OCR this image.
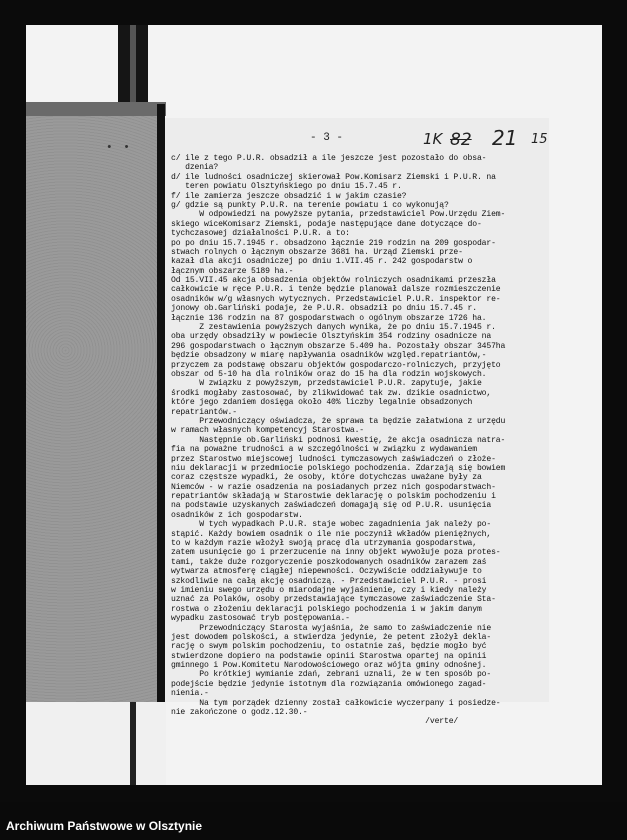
• •
- 3 -	1K 82 21 15
c/ ile z tego P.U.R. obsadził a ile jeszcze jest pozostało do obsa-
dzenia?
d/ ile ludności osadniczej skierował Pow.Komisarz Ziemski i P.U.R. na
teren powiatu Olsztyńskiego po dniu 15.7.45 r.
f/ ile zamierza jeszcze obsadzić i w jakim czasie?
g/ gdzie są punkty P.U.R. na terenie powiatu i co wykonują?
W odpowiedzi na powyższe pytania, przedstawiciel Pow.Urzędu Ziem-
skiego wiceKomisarz Ziemski, podaje następujące dane dotyczące do-
tychczasowej działalności P.U.R. a to:
po po dniu 15.7.1945 r. obsadzono łącznie 219 rodzin na 209 gospodar-
stwach rolnych o łącznym obszarze 3681 ha. Urząd Ziemski prze-
kazał dla akcji osadniczej po dniu 1.VII.45 r. 242 gospodarstw o
łącznym obszarze 5189 ha.-
Od 15.VII.45 akcja obsadzenia objektów rolniczych osadnikami przeszła
całkowicie w ręce P.U.R. i tenże będzie planował dalsze rozmieszczenie
osadników w/g własnych wytycznych. Przedstawiciel P.U.R. inspektor re-
jonowy ob.Garliński podaje, że P.U.R. obsadził po dniu 15.7.45 r.
łącznie 136 rodzin na 87 gospodarstwach o ogólnym obszarze 1726 ha.
Z zestawienia powyższych danych wynika, że po dniu 15.7.1945 r.
oba urzędy obsadziły w powiecie Olsztyńskim 354 rodziny osadnicze na
296 gospodarstwach o łącznym obszarze 5.409 ha. Pozostały obszar 3457ha
będzie obsadzony w miarę napływania osadników względ.repatriantów,-
przyczem za podstawę obszaru objektów gospodarczo-rolniczych, przyjęto
obszar od 5-10 ha dla rolników oraz do 15 ha dla rodzin wojskowych.
W związku z powyższym, przedstawiciel P.U.R. zapytuje, jakie
środki mogłaby zastosować, by zlikwidować tak zw. dzikie osadnictwo,
które jego zdaniem dosięga około 40% liczby legalnie obsadzonych
repatriantów.-
Przewodniczący oświadcza, że sprawa ta będzie załatwiona z urzędu
w ramach własnych kompetencyj Starostwa.-
Następnie ob.Garliński podnosi kwestię, że akcja osadnicza natra-
fia na poważne trudności a w szczególności w związku z wydawaniem
przez Starostwo miejscowej ludności tymczasowych zaświadczeń o złoże-
niu deklaracji w przedmiocie polskiego pochodzenia. Zdarzają się bowiem
coraz częstsze wypadki, że osoby, które dotychczas uważane były za
Niemców - w razie osadzenia na posiadanych przez nich gospodarstwach-
repatriantów składają w Starostwie deklarację o polskim pochodzeniu i
na podstawie uzyskanych zaświadczeń domagają się od P.U.R. usunięcia
osadników z ich gospodarstw.
W tych wypadkach P.U.R. staje wobec zagadnienia jak należy po-
stąpić. Każdy bowiem osadnik o ile nie poczynił wkładów pieniężnych,
to w każdym razie włożył swoją pracę dla utrzymania gospodarstwa,
zatem usunięcie go i przerzucenie na inny objekt wywołuje poza protes-
tami, także duże rozgoryczenie poszkodowanych osadników zarazem zaś
wytwarza atmosferę ciągłej niepewności. Oczywiście oddziaływuje to
szkodliwie na całą akcję osadniczą. - Przedstawiciel P.U.R. - prosi
w imieniu swego urzędu o miarodajne wyjaśnienie, czy i kiedy należy
uznać za Polaków, osoby przedstawiające tymczasowe zaświadczenie Sta-
rostwa o złożeniu deklaracji polskiego pochodzenia i w jakim danym
wypadku zastosować tryb postępowania.-
Przewodniczący Starosta wyjaśnia, że samo to zaświadczenie nie
jest dowodem polskości, a stwierdza jedynie, że petent złożył dekla-
rację o swym polskim pochodzeniu, to ostatnie zaś, będzie mogło być
stwierdzone dopiero na podstawie opinii Starostwa opartej na opinii
gminnego i Pow.Komitetu Narodowościowego oraz wójta gminy odnośnej.
Po krótkiej wymianie zdań, zebrani uznali, że w ten sposób po-
podejście będzie jedynie istotnym dla rozwiązania omówionego zagad-
nienia.-
Na tym porządek dzienny został całkowicie wyczerpany i posiedze-
nie zakończone o godz.12.30.-
/verte/
Archiwum Państwowe w Olsztynie
